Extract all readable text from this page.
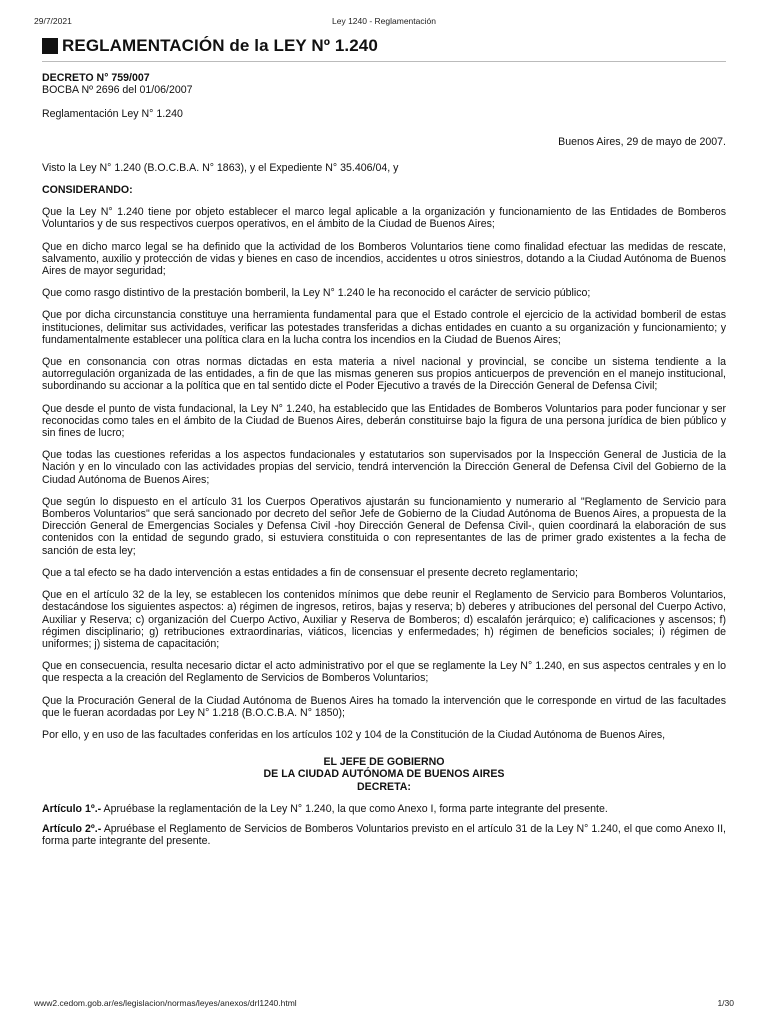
29/7/2021	Ley 1240 - Reglamentación
REGLAMENTACIÓN de la LEY Nº 1.240

DECRETO N° 759/007

BOCBA Nº 2696 del 01/06/2007

Reglamentación Ley N° 1.240

Buenos Aires, 29 de mayo de 2007.

Visto la Ley N° 1.240 (B.O.C.B.A. N° 1863), y el Expediente N° 35.406/04, y

CONSIDERANDO:

Que la Ley N° 1.240 tiene por objeto establecer el marco legal aplicable a la organización y funcionamiento de las Entidades de Bomberos Voluntarios y de sus respectivos cuerpos operativos, en el ámbito de la Ciudad de Buenos Aires;

Que en dicho marco legal se ha definido que la actividad de los Bomberos Voluntarios tiene como finalidad efectuar las medidas de rescate, salvamento, auxilio y protección de vidas y bienes en caso de incendios, accidentes u otros siniestros, dotando a la Ciudad Autónoma de Buenos Aires de mayor seguridad;

Que como rasgo distintivo de la prestación bomberil, la Ley N° 1.240 le ha reconocido el carácter de servicio público;

Que por dicha circunstancia constituye una herramienta fundamental para que el Estado controle el ejercicio de la actividad bomberil de estas instituciones, delimitar sus actividades, verificar las potestades transferidas a dichas entidades en cuanto a su organización y funcionamiento; y fundamentalmente establecer una política clara en la lucha contra los incendios en la Ciudad de Buenos Aires;

Que en consonancia con otras normas dictadas en esta materia a nivel nacional y provincial, se concibe un sistema tendiente a la autorregulación organizada de las entidades, a fin de que las mismas generen sus propios anticuerpos de prevención en el manejo institucional, subordinando su accionar a la política que en tal sentido dicte el Poder Ejecutivo a través de la Dirección General de Defensa Civil;

Que desde el punto de vista fundacional, la Ley N° 1.240, ha establecido que las Entidades de Bomberos Voluntarios para poder funcionar y ser reconocidas como tales en el ámbito de la Ciudad de Buenos Aires, deberán constituirse bajo la figura de una persona jurídica de bien público y sin fines de lucro;

Que todas las cuestiones referidas a los aspectos fundacionales y estatutarios son supervisados por la Inspección General de Justicia de la Nación y en lo vinculado con las actividades propias del servicio, tendrá intervención la Dirección General de Defensa Civil del Gobierno de la Ciudad Autónoma de Buenos Aires;

Que según lo dispuesto en el artículo 31 los Cuerpos Operativos ajustarán su funcionamiento y numerario al "Reglamento de Servicio para Bomberos Voluntarios" que será sancionado por decreto del señor Jefe de Gobierno de la Ciudad Autónoma de Buenos Aires, a propuesta de la Dirección General de Emergencias Sociales y Defensa Civil -hoy Dirección General de Defensa Civil-, quien coordinará la elaboración de sus contenidos con la entidad de segundo grado, si estuviera constituida o con representantes de las de primer grado existentes a la fecha de sanción de esta ley;

Que a tal efecto se ha dado intervención a estas entidades a fin de consensuar el presente decreto reglamentario;

Que en el artículo 32 de la ley, se establecen los contenidos mínimos que debe reunir el Reglamento de Servicio para Bomberos Voluntarios, destacándose los siguientes aspectos: a) régimen de ingresos, retiros, bajas y reserva; b) deberes y atribuciones del personal del Cuerpo Activo, Auxiliar y Reserva; c) organización del Cuerpo Activo, Auxiliar y Reserva de Bomberos; d) escalafón jerárquico; e) calificaciones y ascensos; f) régimen disciplinario; g) retribuciones extraordinarias, viáticos, licencias y enfermedades; h) régimen de beneficios sociales; i) régimen de uniformes; j) sistema de capacitación;

Que en consecuencia, resulta necesario dictar el acto administrativo por el que se reglamente la Ley N° 1.240, en sus aspectos centrales y en lo que respecta a la creación del Reglamento de Servicios de Bomberos Voluntarios;

Que la Procuración General de la Ciudad Autónoma de Buenos Aires ha tomado la intervención que le corresponde en virtud de las facultades que le fueran acordadas por Ley N° 1.218 (B.O.C.B.A. N° 1850);

Por ello, y en uso de las facultades conferidas en los artículos 102 y 104 de la Constitución de la Ciudad Autónoma de Buenos Aires,

EL JEFE DE GOBIERNO
DE LA CIUDAD AUTÓNOMA DE BUENOS AIRES
DECRETA:

Artículo 1º.- Apruébase la reglamentación de la Ley N° 1.240, la que como Anexo I, forma parte integrante del presente.

Artículo 2º.- Apruébase el Reglamento de Servicios de Bomberos Voluntarios previsto en el artículo 31 de la Ley N° 1.240, el que como Anexo II, forma parte integrante del presente.

www2.cedom.gob.ar/es/legislacion/normas/leyes/anexos/drl1240.html	1/30
